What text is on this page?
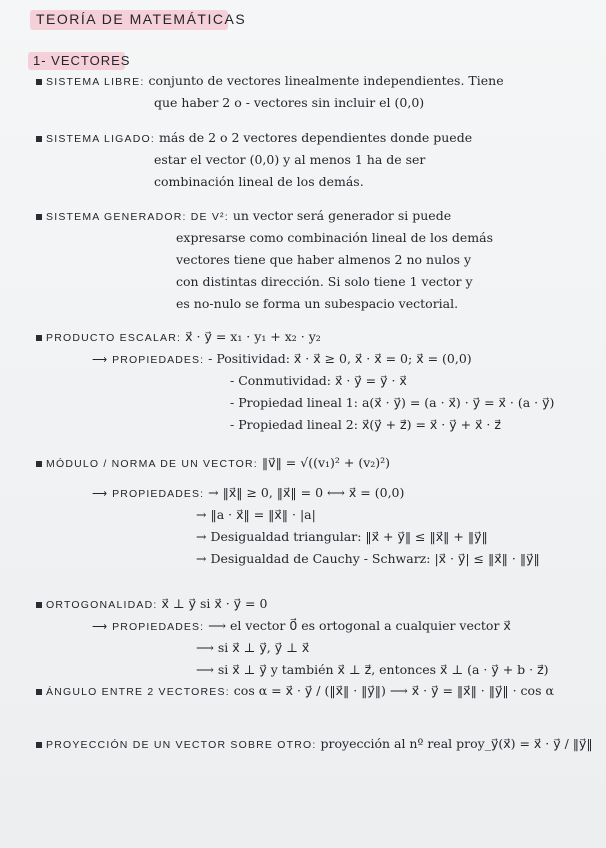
TEORÍA DE MATEMÁTICAS
1- VECTORES
SISTEMA LIBRE: conjunto de vectores linealmente independientes. Tiene
que haber 2 o - vectores sin incluir el (0,0)
SISTEMA LIGADO: más de 2 o 2 vectores dependientes donde puede
estar el vector (0,0) y al menos 1 ha de ser
combinación lineal de los demás.
SISTEMA GENERADOR: DE V²: un vector será generador si puede
expresarse como combinación lineal de los demás
vectores tiene que haber almenos 2 no nulos y
con distintas dirección. Si solo tiene 1 vector y
es no-nulo se forma un subespacio vectorial.
PRODUCTO ESCALAR: x⃗ · y⃗ = x₁ · y₁ + x₂ · y₂
⟶ PROPIEDADES: - Positividad: x⃗ · x⃗ ≥ 0, x⃗ · x⃗ = 0; x⃗ = (0,0)
- Conmutividad: x⃗ · y⃗ = y⃗ · x⃗
- Propiedad lineal 1: a(x⃗ · y⃗) = (a · x⃗) · y⃗ = x⃗ · (a · y⃗)
- Propiedad lineal 2: x⃗(y⃗ + z⃗) = x⃗ · y⃗ + x⃗ · z⃗
MÓDULO / NORMA DE UN VECTOR: ‖v⃗‖ = √((v₁)² + (v₂)²)
⟶ PROPIEDADES: → ‖x⃗‖ ≥ 0, ‖x⃗‖ = 0 ⟷ x⃗ = (0,0)
→ ‖a · x⃗‖ = ‖x⃗‖ · |a|
→ Desigualdad triangular: ‖x⃗ + y⃗‖ ≤ ‖x⃗‖ + ‖y⃗‖
→ Desigualdad de Cauchy - Schwarz: |x⃗ · y⃗| ≤ ‖x⃗‖ · ‖y⃗‖
ORTOGONALIDAD: x⃗ ⊥ y⃗ si x⃗ · y⃗ = 0
⟶ PROPIEDADES: ⟶ el vector 0⃗ es ortogonal a cualquier vector x⃗
⟶ si x⃗ ⊥ y⃗, y⃗ ⊥ x⃗
⟶ si x⃗ ⊥ y⃗ y también x⃗ ⊥ z⃗, entonces x⃗ ⊥ (a · y⃗ + b · z⃗)
ÁNGULO ENTRE 2 VECTORES: cos α = x⃗ · y⃗ / (‖x⃗‖ · ‖y⃗‖) ⟶ x⃗ · y⃗ = ‖x⃗‖ · ‖y⃗‖ · cos α
PROYECCIÓN DE UN VECTOR SOBRE OTRO: proyección al nº real proy_y⃗(x⃗) = x⃗ · y⃗ / ‖y⃗‖
